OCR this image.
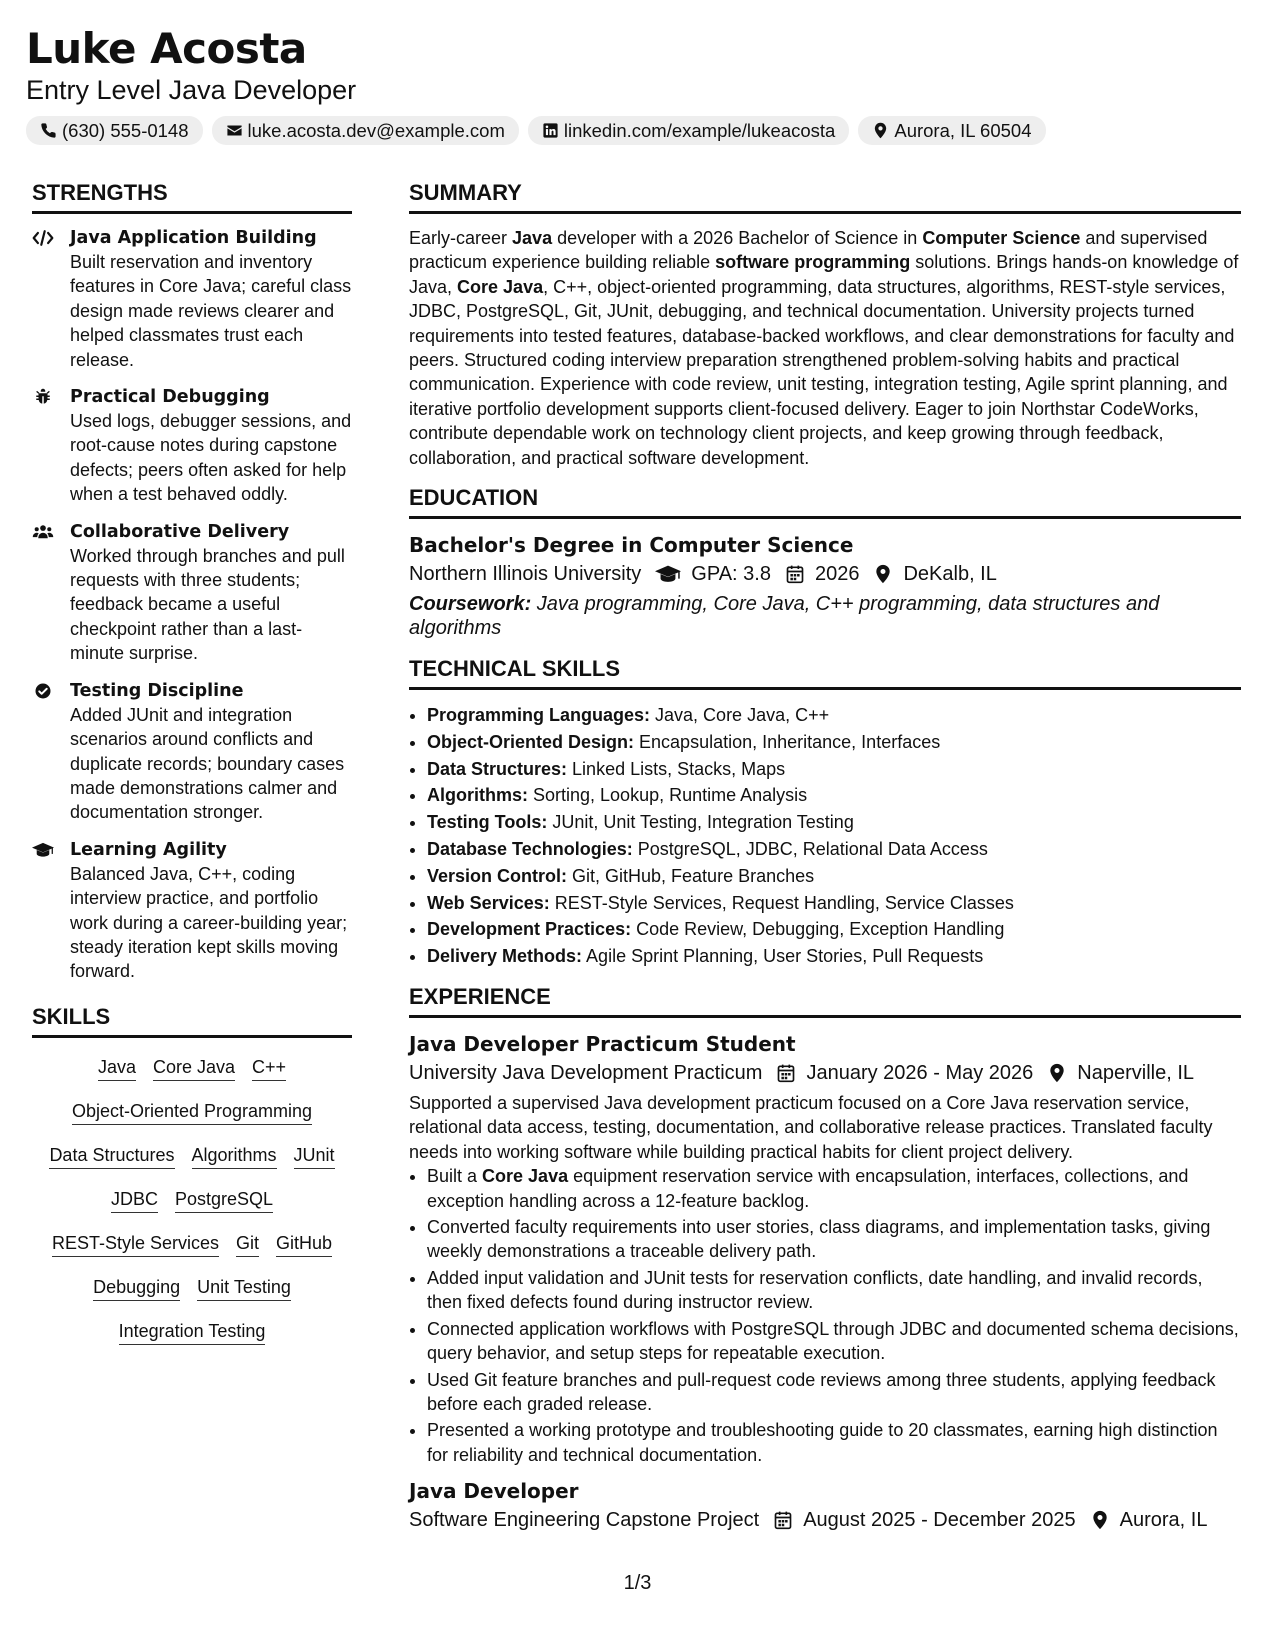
Luke Acosta
Entry Level Java Developer
(630) 555-0148	luke.acosta.dev@example.com	linkedin.com/example/lukeacosta	Aurora, IL 60504
STRENGTHS
Java Application Building
Built reservation and inventory features in Core Java; careful class design made reviews clearer and helped classmates trust each release.
Practical Debugging
Used logs, debugger sessions, and root-cause notes during capstone defects; peers often asked for help when a test behaved oddly.
Collaborative Delivery
Worked through branches and pull requests with three students; feedback became a useful checkpoint rather than a last-minute surprise.
Testing Discipline
Added JUnit and integration scenarios around conflicts and duplicate records; boundary cases made demonstrations calmer and documentation stronger.
Learning Agility
Balanced Java, C++, coding interview practice, and portfolio work during a career-building year; steady iteration kept skills moving forward.
SKILLS
Java Core Java C++
Object-Oriented Programming
Data Structures Algorithms JUnit
JDBC PostgreSQL
REST-Style Services Git GitHub
Debugging Unit Testing
Integration Testing
SUMMARY
Early-career Java developer with a 2026 Bachelor of Science in Computer Science and supervised practicum experience building reliable software programming solutions. Brings hands-on knowledge of Java, Core Java, C++, object-oriented programming, data structures, algorithms, REST-style services, JDBC, PostgreSQL, Git, JUnit, debugging, and technical documentation. University projects turned requirements into tested features, database-backed workflows, and clear demonstrations for faculty and peers. Structured coding interview preparation strengthened problem-solving habits and practical communication. Experience with code review, unit testing, integration testing, Agile sprint planning, and iterative portfolio development supports client-focused delivery. Eager to join Northstar CodeWorks, contribute dependable work on technology client projects, and keep growing through feedback, collaboration, and practical software development.
EDUCATION
Bachelor's Degree in Computer Science
Northern Illinois University	GPA: 3.8 2026 DeKalb, IL
Coursework: Java programming, Core Java, C++ programming, data structures and algorithms
TECHNICAL SKILLS
• Programming Languages: Java, Core Java, C++
• Object-Oriented Design: Encapsulation, Inheritance, Interfaces
• Data Structures: Linked Lists, Stacks, Maps
• Algorithms: Sorting, Lookup, Runtime Analysis
• Testing Tools: JUnit, Unit Testing, Integration Testing
• Database Technologies: PostgreSQL, JDBC, Relational Data Access
• Version Control: Git, GitHub, Feature Branches
• Web Services: REST-Style Services, Request Handling, Service Classes
• Development Practices: Code Review, Debugging, Exception Handling
• Delivery Methods: Agile Sprint Planning, User Stories, Pull Requests
EXPERIENCE
Java Developer Practicum Student
University Java Development Practicum January 2026 - May 2026 Naperville, IL
Supported a supervised Java development practicum focused on a Core Java reservation service, relational data access, testing, documentation, and collaborative release practices. Translated faculty needs into working software while building practical habits for client project delivery.
• Built a Core Java equipment reservation service with encapsulation, interfaces, collections, and exception handling across a 12-feature backlog.
• Converted faculty requirements into user stories, class diagrams, and implementation tasks, giving weekly demonstrations a traceable delivery path.
• Added input validation and JUnit tests for reservation conflicts, date handling, and invalid records, then fixed defects found during instructor review.
• Connected application workflows with PostgreSQL through JDBC and documented schema decisions, query behavior, and setup steps for repeatable execution.
• Used Git feature branches and pull-request code reviews among three students, applying feedback before each graded release.
• Presented a working prototype and troubleshooting guide to 20 classmates, earning high distinction for reliability and technical documentation.
Java Developer
Software Engineering Capstone Project August 2025 - December 2025 Aurora, IL
1/3
